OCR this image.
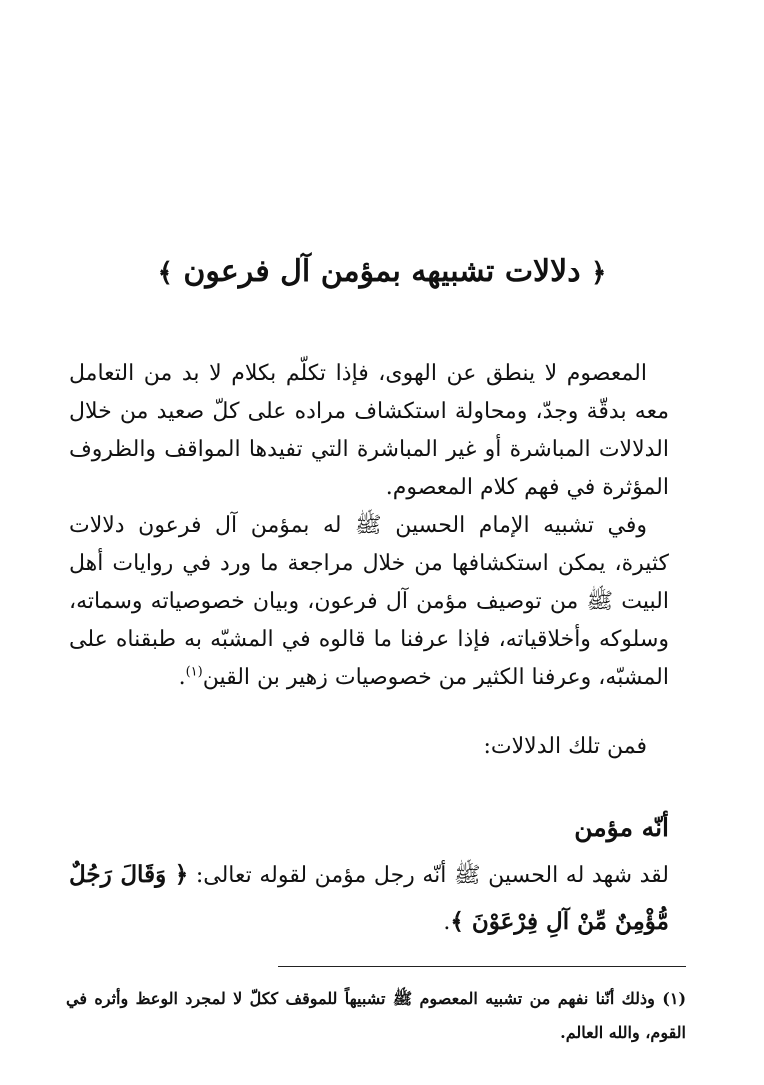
﴿ دلالات تشبيهه بمؤمن آل فرعون ﴾

المعصوم لا ينطق عن الهوى، فإذا تكلّم بكلام لا بد من التعامل معه بدقّة وجدّ، ومحاولة استكشاف مراده على كلّ صعيد من خلال الدلالات المباشرة أو غير المباشرة التي تفيدها المواقف والظروف المؤثرة في فهم كلام المعصوم.

وفي تشبيه الإمام الحسين ﷺ له بمؤمن آل فرعون دلالات كثيرة، يمكن استكشافها من خلال مراجعة ما ورد في روايات أهل البيت ﷺ من توصيف مؤمن آل فرعون، وبيان خصوصياته وسماته، وسلوكه وأخلاقياته، فإذا عرفنا ما قالوه في المشبّه به طبقناه على المشبّه، وعرفنا الكثير من خصوصيات زهير بن القين$^{(١)}$.

فمن تلك الدلالات:
أنّه مؤمن

لقد شهد له الحسين ﷺ أنّه رجل مؤمن لقوله تعالى: ﴿ وَقَالَ رَجُلٌ مُّؤْمِنٌ مِّنْ آلِ فِرْعَوْنَ ﴾.

(١) وذلك أنّنا نفهم من تشبيه المعصوم ﷺ تشبيهاً للموقف ككلّ لا لمجرد الوعظ وأثره في القوم، والله العالم.
